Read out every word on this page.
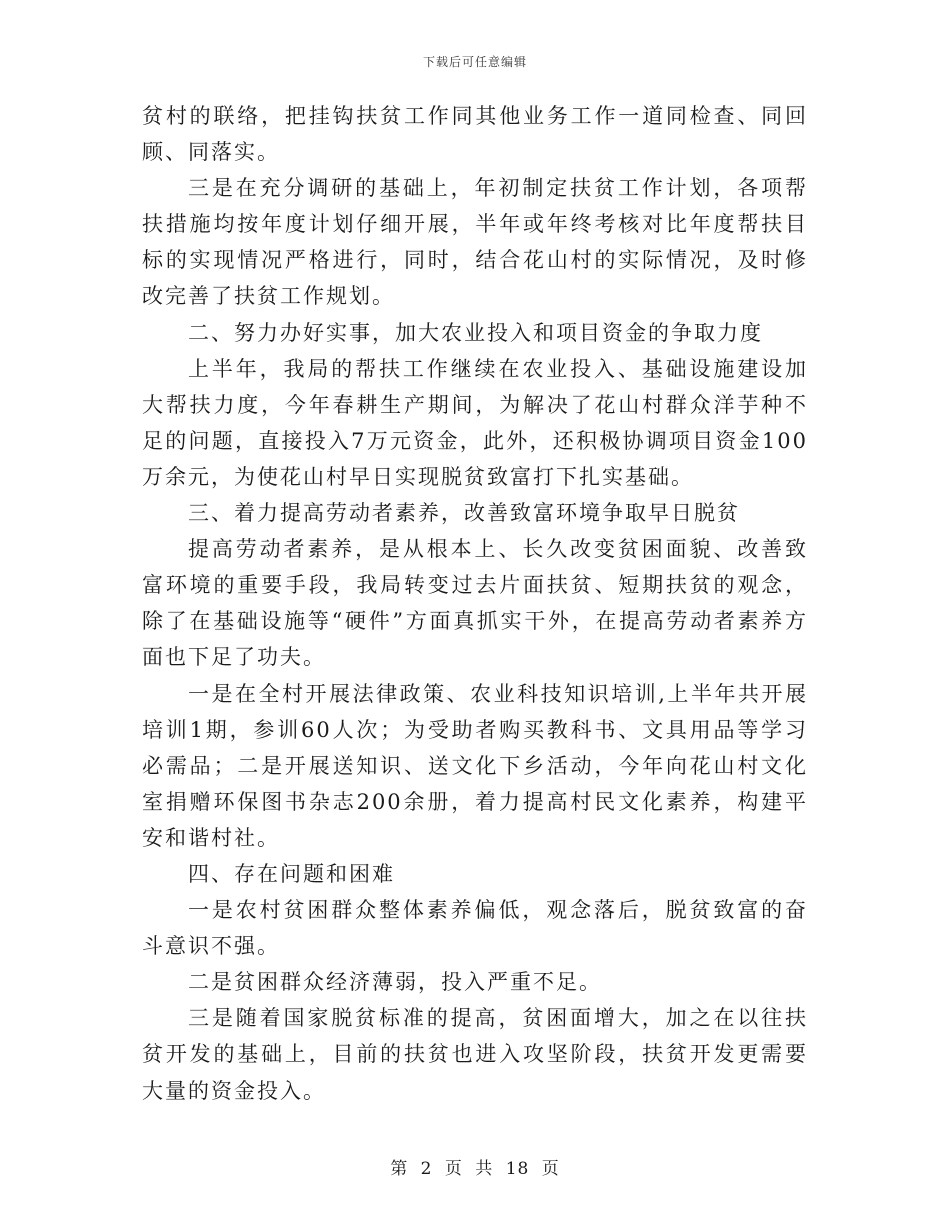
下载后可任意编辑

贫村的联络，把挂钩扶贫工作同其他业务工作一道同检查、同回顾、同落实。

三是在充分调研的基础上，年初制定扶贫工作计划，各项帮扶措施均按年度计划仔细开展，半年或年终考核对比年度帮扶目标的实现情况严格进行，同时，结合花山村的实际情况，及时修改完善了扶贫工作规划。

二、努力办好实事，加大农业投入和项目资金的争取力度

上半年，我局的帮扶工作继续在农业投入、基础设施建设加大帮扶力度，今年春耕生产期间，为解决了花山村群众洋芋种不足的问题，直接投入7万元资金，此外，还积极协调项目资金100万余元，为使花山村早日实现脱贫致富打下扎实基础。

三、着力提高劳动者素养，改善致富环境争取早日脱贫

提高劳动者素养，是从根本上、长久改变贫困面貌、改善致富环境的重要手段，我局转变过去片面扶贫、短期扶贫的观念，除了在基础设施等“硬件”方面真抓实干外，在提高劳动者素养方面也下足了功夫。

一是在全村开展法律政策、农业科技知识培训,上半年共开展培训1期，参训60人次；为受助者购买教科书、文具用品等学习必需品；二是开展送知识、送文化下乡活动，今年向花山村文化室捐赠环保图书杂志200余册，着力提高村民文化素养，构建平安和谐村社。

四、存在问题和困难

一是农村贫困群众整体素养偏低，观念落后，脱贫致富的奋斗意识不强。

二是贫困群众经济薄弱，投入严重不足。

三是随着国家脱贫标准的提高，贫困面增大，加之在以往扶贫开发的基础上，目前的扶贫也进入攻坚阶段，扶贫开发更需要大量的资金投入。

第 2 页 共 18 页
